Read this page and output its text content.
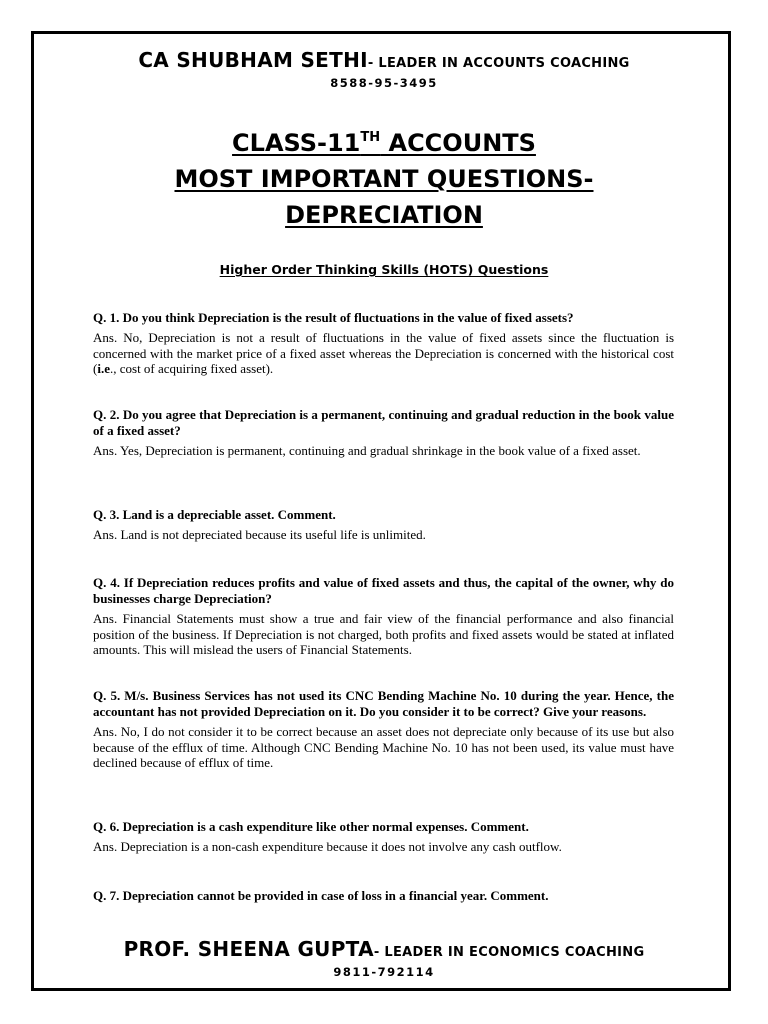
CA SHUBHAM SETHI- LEADER IN ACCOUNTS COACHING
8588-95-3495
CLASS-11TH ACCOUNTS
MOST IMPORTANT QUESTIONS-
DEPRECIATION
Higher Order Thinking Skills (HOTS) Questions
Q. 1. Do you think Depreciation is the result of fluctuations in the value of fixed assets?
Ans. No, Depreciation is not a result of fluctuations in the value of fixed assets since the fluctuation is concerned with the market price of a fixed asset whereas the Depreciation is concerned with the historical cost (i.e., cost of acquiring fixed asset).
Q. 2. Do you agree that Depreciation is a permanent, continuing and gradual reduction in the book value of a fixed asset?
Ans. Yes, Depreciation is permanent, continuing and gradual shrinkage in the book value of a fixed asset.
Q. 3. Land is a depreciable asset. Comment.
Ans. Land is not depreciated because its useful life is unlimited.
Q. 4. If Depreciation reduces profits and value of fixed assets and thus, the capital of the owner, why do businesses charge Depreciation?
Ans. Financial Statements must show a true and fair view of the financial performance and also financial position of the business. If Depreciation is not charged, both profits and fixed assets would be stated at inflated amounts. This will mislead the users of Financial Statements.
Q. 5. M/s. Business Services has not used its CNC Bending Machine No. 10 during the year. Hence, the accountant has not provided Depreciation on it. Do you consider it to be correct? Give your reasons.
Ans. No, I do not consider it to be correct because an asset does not depreciate only because of its use but also because of the efflux of time. Although CNC Bending Machine No. 10 has not been used, its value must have declined because of efflux of time.
Q. 6. Depreciation is a cash expenditure like other normal expenses. Comment.
Ans. Depreciation is a non-cash expenditure because it does not involve any cash outflow.
Q. 7. Depreciation cannot be provided in case of loss in a financial year. Comment.
PROF. SHEENA GUPTA- LEADER IN ECONOMICS COACHING
9811-792114
